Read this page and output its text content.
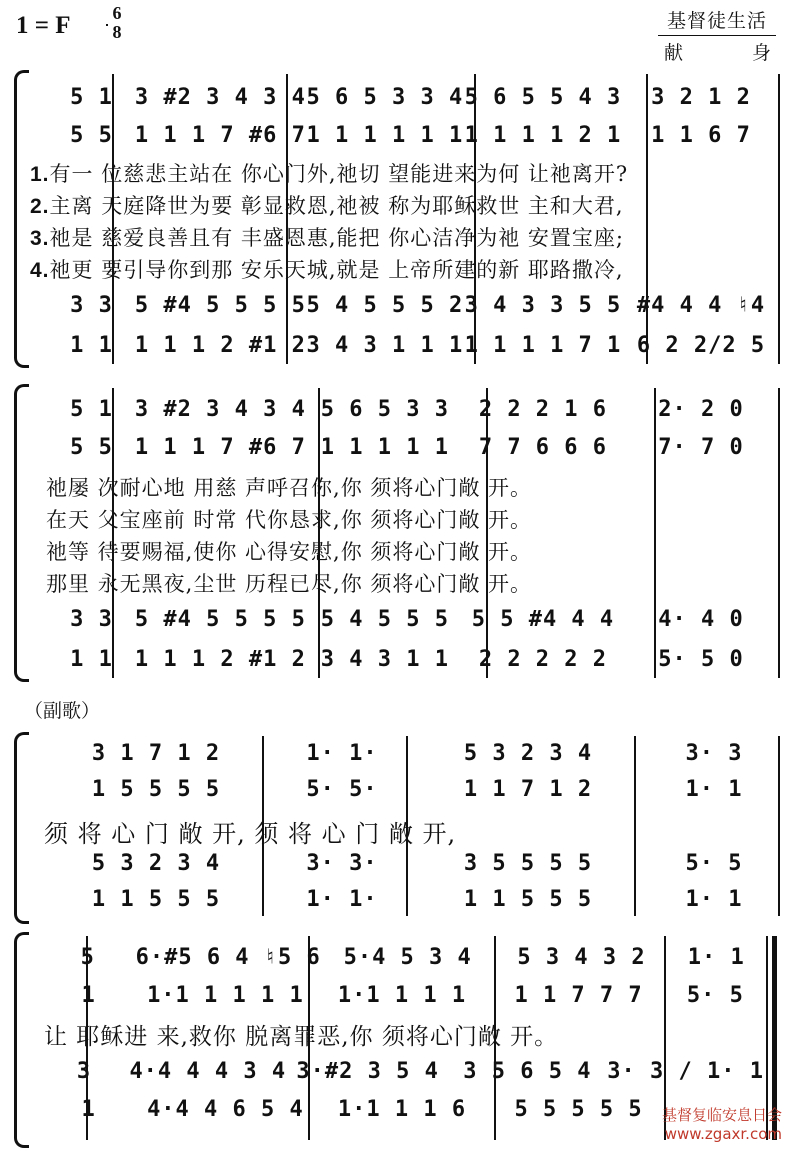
1 = F	6
8	基督徒生活
献	身
5 1	3 #2 3 4 3 4 5 6 5 3 3 4 5 6 5 5 4 3	3 2 1 2
5 5	1 1 1 7 #6 7 1 1 1 1 1 1 1 1 1 1 2 1	1 1 6 7
1.有一 位慈悲主站在 你心门外,祂切 望能进来为何 让祂离开?
2.主离 天庭降世为要 彰显救恩,祂被 称为耶稣救世 主和大君,
3.祂是 慈爱良善且有 丰盛恩惠,能把 你心洁净为祂 安置宝座;
4.祂更 要引导你到那 安乐天城,就是 上帝所建的新 耶路撒冷,
3 3	5 #4 5 5 5 5 5 4 5 5 5 2 3 4 3 3 5 5 #4 4 4 ♮4
1 1	1 1 1 2 #1 2 3 4 3 1 1 1 1 1 1 1 7 1 6 2 2/2 5
5 1	3 #2 3 4 3 4 5 6 5 3 3	2 2 2 1 6	2· 2 0
5 5	1 1 1 7 #6 7 1 1 1 1 1	7 7 6 6 6	7· 7 0
祂屡 次耐心地 用慈 声呼召你,你 须将心门敞 开。
在天 父宝座前 时常 代你恳求,你 须将心门敞 开。
祂等 待要赐福,使你 心得安慰,你 须将心门敞 开。
那里 永无黑夜,尘世 历程已尽,你 须将心门敞 开。
3 3	5 #4 5 5 5 5 5 4 5 5 5	5 5 #4 4 4	4· 4 0
1 1	1 1 1 2 #1 2 3 4 3 1 1	2 2 2 2 2	5· 5 0
（副歌）
3 1 7 1 2	1· 1·	5 3 2 3 4	3· 3
1 5 5 5 5	5· 5·	1 1 7 1 2	1· 1
须 将 心 门 敞 开, 须 将 心 门 敞 开,
5 3 2 3 4	3· 3·	3 5 5 5 5	5· 5
1 1 5 5 5	1· 1·	1 1 5 5 5	1· 1
5	6·#5 6 4 ♮5 6	5·4 5 3 4	5 3 4 3 2	1· 1
1	1·1 1 1 1 1	1·1 1 1 1	1 1 7 7 7	5· 5
让 耶稣进 来,救你 脱离罪恶,你 须将心门敞 开。
3	4·4 4 4 3 4 3·#2 3 5 4	3 5 6 5 4 3· 3 / 1· 1
1	4·4 4 6 5 4	1·1 1 1 6	5 5 5 5 5	基督复临安息日会
www.zgaxr.com
